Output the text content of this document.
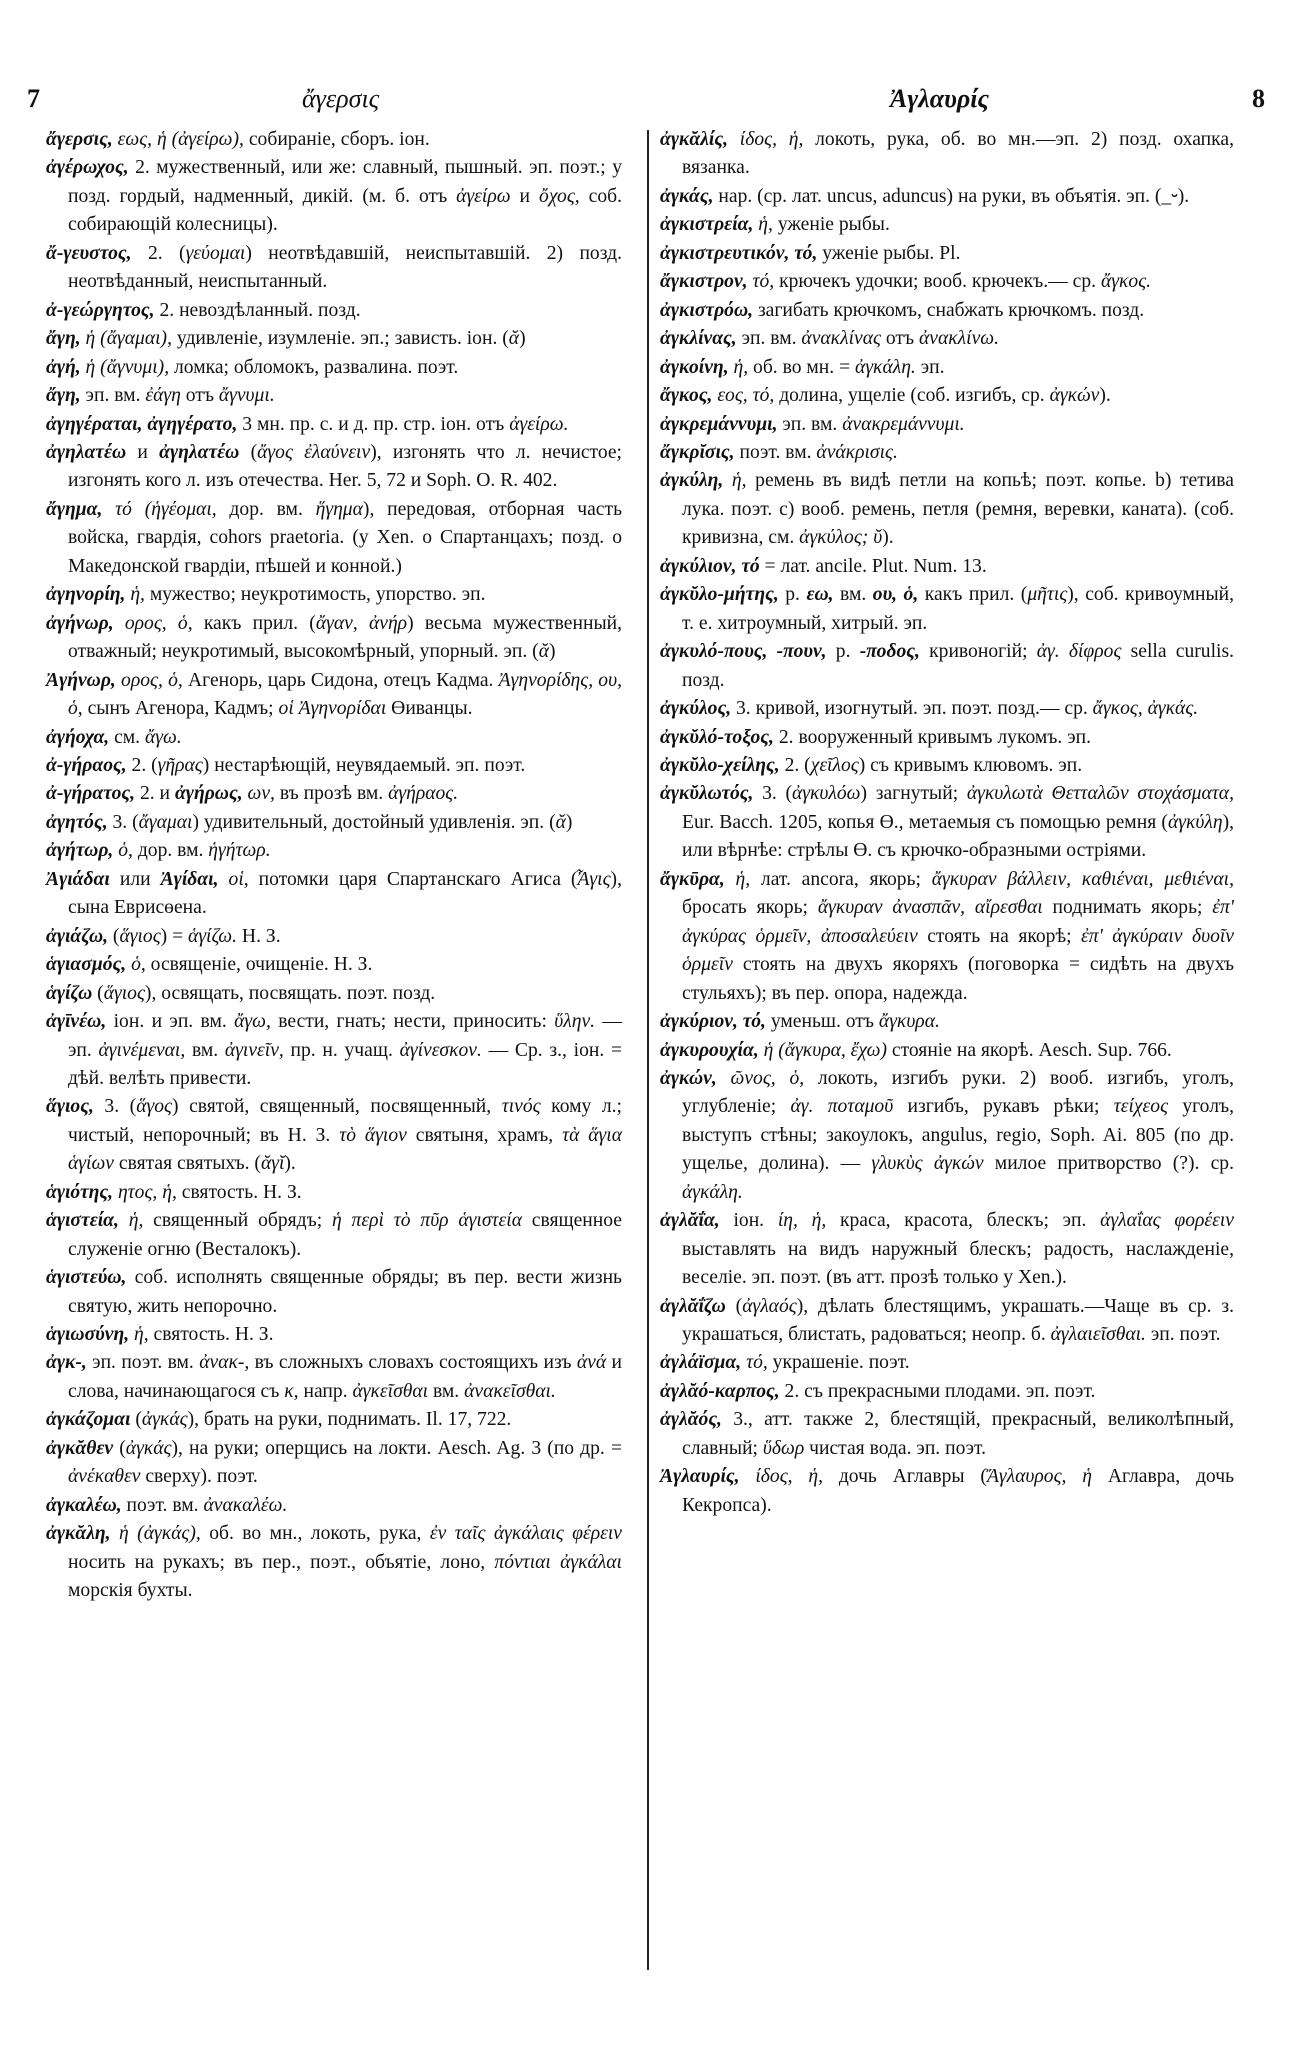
7	ἄγερσις	Ἀγλαυρίς	8

ἄγερσις, εως, ἡ (ἀγείρω), собиранiе, сборъ. iон.

ἀγέρωχος, 2. мужественный, или же: славный, пышный. эп. поэт.; у позд. гордый, надменный, дикiй. (м. б. отъ ἀγείρω и ὄχος, соб. собирающiй колесницы).

ἄ-γευστος, 2. (γεύομαι) неотвѣдавшiй, неиспытавшiй. 2) позд. неотвѣданный, неиспытанный.

ἀ-γεώργητος, 2. невоздѣланный. позд.

ἄγη, ἡ (ἄγαμαι), удивленiе, изумленiе. эп.; зависть. iон. (ᾰ)

ἀγή, ἡ (ἄγνυμι), ломка; обломокъ, развалина. поэт.

ἄγη, эп. вм. ἐάγη отъ ἄγνυμι.

ἀγηγέραται, ἀγηγέρατο, 3 мн. пр. с. и д. пр. стр. iон. отъ ἀγείρω.

ἀγηλατέω и ἀγηλατέω (ἄγος ἐλαύνειν), изгонять что л. нечистое; изгонять кого л. изъ отечества. Her. 5, 72 и Soph. O. R. 402.

ἄγημα, τό (ἡγέομαι, дор. вм. ἥγημα), передовая, отборная часть войска, гвардiя, cohors praetoria. (у Xen. о Спартанцахъ; позд. о Македонской гвардiи, пѣшей и конной.)

ἀγηνορίη, ἡ, мужество; неукротимость, упорство. эп.

ἀγήνωρ, ορος, ὁ, какъ прил. (ἄγαν, ἀνήρ) весьма мужественный, отважный; неукротимый, высокомѣрный, упорный. эп. (ᾰ)

Ἀγήνωρ, ορος, ὁ, Агенорь, царь Сидона, отецъ Кадма. Ἀγηνορίδης, ου, ὁ, сынъ Агенора, Кадмъ; οἱ Ἀγηνορίδαι Өиванцы.

ἀγήοχα, см. ἄγω.

ἀ-γήραος, 2. (γῆρας) нестарѣющiй, неувядаемый. эп. поэт.

ἀ-γήρατος, 2. и ἀγήρως, ων, въ прозѣ вм. ἀγήραος.

ἀγητός, 3. (ἄγαμαι) удивительный, достойный удивленiя. эп. (ᾰ)

ἀγήτωρ, ὁ, дор. вм. ἡγήτωρ.

Ἀγιάδαι или Ἀγίδαι, οἱ, потомки царя Спартанскаго Агиса (Ἆγις), сына Еврисөена.

ἀγιάζω, (ἅγιος) = ἁγίζω. Н. З.

ἁγιασμός, ὁ, освященiе, очищенiе. Н. З.

ἁγίζω (ἅγιος), освящать, посвящать. поэт. позд.

ἀγῑνέω, iон. и эп. вм. ἄγω, вести, гнать; нести, приносить: ὕλην. — эп. ἀγινέμεναι, вм. ἀγινεῖν, пр. н. учащ. ἀγίνεσκον. — Ср. з., iон. = дѣй. велѣть привести.

ἅγιος, 3. (ἅγος) святой, священный, посвященный, τινός кому л.; чистый, непорочный; въ Н. З. τὸ ἅγιον святыня, храмъ, τὰ ἅγια ἁγίων святая святыхъ. (ᾰγῐ).

ἁγιότης, ητος, ἡ, святость. Н. З.

ἁγιστεία, ἡ, священный обрядъ; ἡ περὶ τὸ πῦρ ἁγιστεία священное служенiе огню (Весталокъ).

ἁγιστεύω, соб. исполнять священные обряды; въ пер. вести жизнь святую, жить непорочно.

ἁγιωσύνη, ἡ, святость. Н. З.

ἀγκ-, эп. поэт. вм. ἀνακ-, въ сложныхъ словахъ состоящихъ изъ ἀνά и слова, начинающагося съ κ, напр. ἀγκεῖσθαι вм. ἀνακεῖσθαι.

ἀγκάζομαι (ἀγκάς), брать на руки, поднимать. Il. 17, 722.

ἀγκᾰθεν (ἀγκάς), на руки; оперщись на локти. Aesch. Ag. 3 (по др. = ἀνέκαθεν сверху). поэт.

ἀγκαλέω, поэт. вм. ἀνακαλέω.

ἀγκᾰλη, ἡ (ἀγκάς), об. во мн., локоть, рука, ἐν ταῖς ἀγκάλαις φέρειν носить на рукахъ; въ пер., поэт., объятiе, лоно, πόντιαι ἀγκάλαι морскiя бухты.

ἀγκᾰλίς, ίδος, ἡ, локоть, рука, об. во мн.—эп. 2) позд. охапка, вязанка.

ἀγκάς, нар. (ср. лат. uncus, aduncus) на руки, въ объятiя. эп. (_⏑).

ἀγκιστρεία, ἡ, уженiе рыбы.

ἀγκιστρευτικόν, τό, уженiе рыбы. Pl.

ἄγκιστρον, τό, крючекъ удочки; вооб. крючекъ.— ср. ἄγκος.

ἀγκιστρόω, загибать крючкомъ, снабжать крючкомъ. позд.

ἀγκλίνας, эп. вм. ἀνακλίνας отъ ἀνακλίνω.

ἀγκοίνη, ἡ, об. во мн. = ἀγκάλη. эп.

ἄγκος, εος, τό, долина, ущелiе (соб. изгибъ, ср. ἀγκών).

ἀγκρεμάννυμι, эп. вм. ἀνακρεμάννυμι.

ἄγκρῐσις, поэт. вм. ἀνάκρισις.

ἀγκύλη, ἡ, ремень въ видѣ петли на копьѣ; поэт. копье. b) тетива лука. поэт. c) вооб. ремень, петля (ремня, веревки, каната). (соб. кривизна, см. ἀγκύλος; ῠ).

ἀγκύλιον, τό = лат. ancile. Plut. Num. 13.

ἀγκῠλο-μήτης, р. εω, вм. ου, ὁ, какъ прил. (μῆτις), соб. кривоумный, т. е. хитроумный, хитрый. эп.

ἀγκυλό-πους, -πουν, р. -ποδος, кривоногiй; ἀγ. δίφρος sella curulis. позд.

ἀγκύλος, 3. кривой, изогнутый. эп. поэт. позд.— ср. ἄγκος, ἀγκάς.

ἀγκῠλό-τοξος, 2. вооруженный кривымъ лукомъ. эп.

ἀγκῠλο-χείλης, 2. (χεῖλος) съ кривымъ клювомъ. эп.

ἀγκῠλωτός, 3. (ἀγκυλόω) загнутый; ἀγκυλωτὰ Θετταλῶν στοχάσματα, Eur. Bacch. 1205, копья Ө., метаемыя съ помощью ремня (ἀγκύλη), или вѣрнѣе: стрѣлы Ө. съ крючко-образными острiями.

ἄγκῡρα, ἡ, лат. ancora, якорь; ἄγκυραν βάλλειν, καθιέναι, μεθιέναι, бросать якорь; ἄγκυραν ἀνασπᾶν, αἴρεσθαι поднимать якорь; ἐπ' ἀγκύρας ὁρμεῖν, ἀποσαλεύειν стоять на якорѣ; ἐπ' ἀγκύραιν δυοῖν ὁρμεῖν стоять на двухъ якоряхъ (поговорка = сидѣть на двухъ стульяхъ); въ пер. опора, надежда.

ἀγκύριον, τό, уменьш. отъ ἄγκυρα.

ἀγκυρουχία, ἡ (ἄγκυρα, ἔχω) стоянiе на якорѣ. Aesch. Sup. 766.

ἀγκών, ῶνος, ὁ, локоть, изгибъ руки. 2) вооб. изгибъ, уголъ, углубленiе; ἀγ. ποταμοῦ изгибъ, рукавъ рѣки; τείχεος уголъ, выступъ стѣны; закоулокъ, angulus, regio, Soph. Ai. 805 (по др. ущелье, долина). — γλυκὺς ἀγκών милое притворство (?). ср. ἀγκάλη.

ἀγλᾰΐα, iон. ίη, ἡ, краса, красота, блескъ; эп. ἀγλαΐας φορέειν выставлять на видъ наружный блескъ; радость, наслажденiе, веселiе. эп. поэт. (въ атт. прозѣ только у Xen.).

ἀγλᾰΐζω (ἀγλαός), дѣлать блестящимъ, украшать.—Чаще въ ср. з. украшаться, блистать, радоваться; неопр. б. ἀγλαιεῖσθαι. эп. поэт.

ἀγλάϊσμα, τό, украшенiе. поэт.

ἀγλᾰό-καρπος, 2. съ прекрасными плодами. эп. поэт.

ἀγλᾰός, 3., атт. также 2, блестящiй, прекрасный, великолѣпный, славный; ὕδωρ чистая вода. эп. поэт.

Ἀγλαυρίς, ίδος, ἡ, дочь Аглавры (Ἄγλαυρος, ἡ Аглавра, дочь Кекропса).
